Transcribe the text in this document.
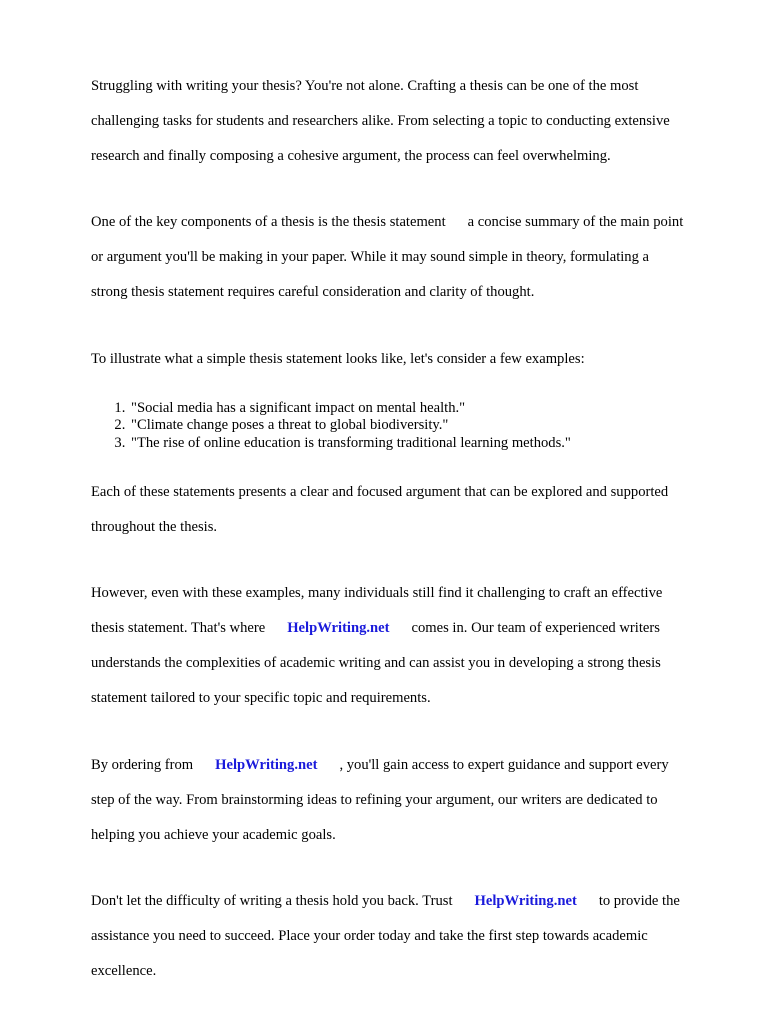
Struggling with writing your thesis? You're not alone. Crafting a thesis can be one of the most

challenging tasks for students and researchers alike. From selecting a topic to conducting extensive

research and finally composing a cohesive argument, the process can feel overwhelming.

One of the key components of a thesis is the thesis statement a concise summary of the main point

or argument you'll be making in your paper. While it may sound simple in theory, formulating a

strong thesis statement requires careful consideration and clarity of thought.

To illustrate what a simple thesis statement looks like, let's consider a few examples:

1. "Social media has a significant impact on mental health."
2. "Climate change poses a threat to global biodiversity."
3. "The rise of online education is transforming traditional learning methods."

Each of these statements presents a clear and focused argument that can be explored and supported

throughout the thesis.

However, even with these examples, many individuals still find it challenging to craft an effective

thesis statement. That's where HelpWriting.net comes in. Our team of experienced writers

understands the complexities of academic writing and can assist you in developing a strong thesis

statement tailored to your specific topic and requirements.

By ordering from HelpWriting.net , you'll gain access to expert guidance and support every

step of the way. From brainstorming ideas to refining your argument, our writers are dedicated to

helping you achieve your academic goals.

Don't let the difficulty of writing a thesis hold you back. Trust HelpWriting.net to provide the

assistance you need to succeed. Place your order today and take the first step towards academic

excellence.
